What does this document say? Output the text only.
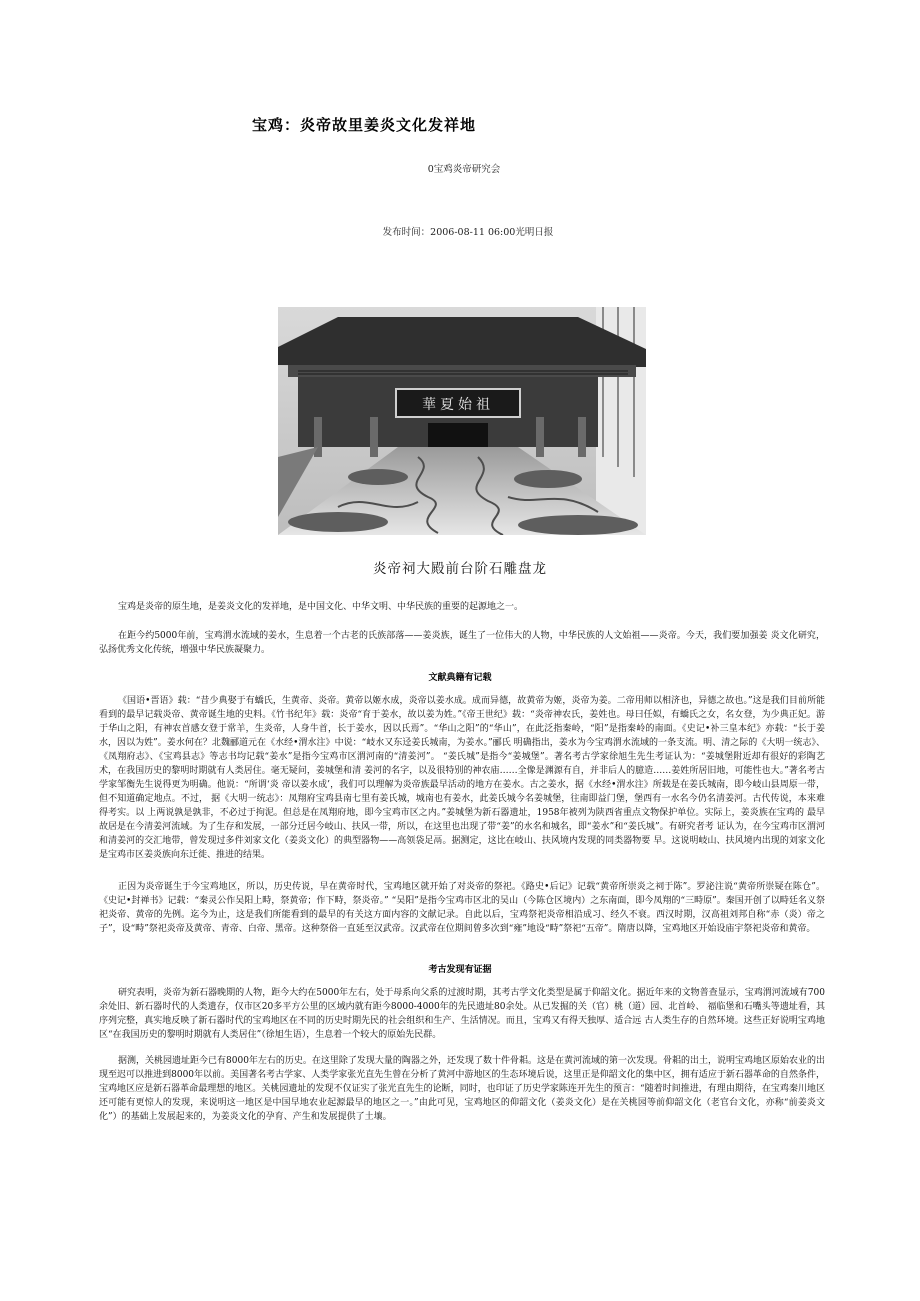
宝鸡：炎帝故里姜炎文化发祥地
0宝鸡炎帝研究会
发布时间：2006-08-11 06:00光明日报
華夏始祖
炎帝祠大殿前台阶石雕盘龙

宝鸡是炎帝的原生地，是姜炎文化的发祥地，是中国文化、中华文明、中华民族的重要的起源地之一。

在距今约5000年前，宝鸡渭水流域的姜水，生息着一个古老的氏族部落——姜炎族，诞生了一位伟大的人物，中华民族的人文始祖——炎帝。今天，我们要加强姜 炎文化研究，弘扬优秀文化传统，增强中华民族凝聚力。

文献典籍有记载

《国语•晋语》载：“昔少典娶于有蟜氏，生黄帝、炎帝。黄帝以姬水成，炎帝以姜水成。成而异德，故黄帝为姬，炎帝为姜。二帝用师以相济也，异德之故也。”这是我们目前所能看到的最早记载炎帝、黄帝诞生地的史料。《竹书纪年》载：炎帝“育于姜水，故以姜为姓。”《帝王世纪》载：“炎帝神农氏，姜姓也。母曰任姒，有蟜氏之女，名女登，为少典正妃。游于华山之阳，有神农首感女登于常羊，生炎帝，人身牛首，长于姜水，因以氏焉”。“华山之阳”的“华山”，在此泛指秦岭，“阳”是指秦岭的南面。《史记•补三皇本纪》亦载：“长于姜水，因以为姓”。姜水何在？北魏郦道元在《水经•渭水注》中说：“岐水又东迳姜氏城南，为姜水。”郦氏 明确指出，姜水为今宝鸡渭水流域的一条支流。明、清之际的《大明一统志》、《凤翔府志》、《宝鸡县志》等志书均记载“姜水”是指今宝鸡市区渭河南的“清姜河”。 “姜氏城”是指今“姜城堡”。著名考古学家徐旭生先生考证认为：“姜城堡附近却有很好的彩陶艺术，在我国历史的黎明时期就有人类居住。毫无疑问，姜城堡和清 姜河的名字，以及很特别的神农庙……全像是渊源有自，并非后人的臆造……姜姓所居旧地，可能性也大。”著名考古学家邹衡先生说得更为明确。他说：“所谓‘炎 帝以姜水成’，我们可以理解为炎帝族最早活动的地方在姜水。古之姜水，据《水经•渭水注》所载是在姜氏城南，即今岐山县周原一带，但不知道确定地点。不过， 据《大明一统志》：凤翔府宝鸡县南七里有姜氏城，城南也有姜水，此姜氏城今名姜城堡，往南即益门堡，堡西有一水名今仍名清姜河。古代传说，本来难得考实。以 上两说孰是孰非，不必过于拘泥。但总是在凤翔府地，即今宝鸡市区之内。”姜城堡为新石器遗址，1958年被列为陕西省重点文物保护单位。实际上，姜炎族在宝鸡的 最早故居是在今清姜河流域。为了生存和发展，一部分迁居今岐山、扶风一带，所以，在这里也出现了带“姜”的水名和城名，即“姜水”和“姜氏城”。有研究者考 证认为，在今宝鸡市区渭河和清姜河的交汇地带，曾发现过多件刘家文化（姜炎文化）的典型器物——高领袋足鬲。据测定，这比在岐山、扶风境内发现的同类器物要 早。这说明岐山、扶风境内出现的刘家文化是宝鸡市区姜炎族向东迁徙、推进的结果。

正因为炎帝诞生于今宝鸡地区，所以，历史传说，早在黄帝时代，宝鸡地区就开始了对炎帝的祭祀。《路史•后记》记载“黄帝所崇炎之祠于陈”。罗泌注说“黄帝所崇疑在陈仓”。《史记•封禅书》记载：“秦灵公作吴阳上畤，祭黄帝；作下畤，祭炎帝。” “吴阳”是指今宝鸡市区北的吴山（今陈仓区境内）之东南面，即今凤翔的“三畤原”。秦国开创了以畤廷名义祭祀炎帝、黄帝的先例。迄今为止，这是我们所能看到的最早的有关这方面内容的文献记录。自此以后，宝鸡祭祀炎帝相沿成习、经久不衰。西汉时期，汉高祖刘邦自称“赤（炎）帝之子”，设“畤”祭祀炎帝及黄帝、青帝、白帝、黑帝。这种祭俗一直延至汉武帝。汉武帝在位期间曾多次到“雍”地设“畤”祭祀“五帝”。隋唐以降，宝鸡地区开始设庙宇祭祀炎帝和黄帝。

考古发现有证据

研究表明，炎帝为新石器晚期的人物，距今大约在5000年左右，处于母系向父系的过渡时期，其考古学文化类型是属于仰韶文化。据近年来的文物普查显示，宝鸡渭河流域有700余处旧、新石器时代的人类遗存，仅市区20多平方公里的区域内就有距今8000-4000年的先民遗址80余处。从已发掘的关（官）桃（道）园、北首岭、 福临堡和石嘴头等遗址看，其序列完整，真实地反映了新石器时代的宝鸡地区在不同的历史时期先民的社会组织和生产、生活情况。而且，宝鸡又有得天独厚、适合远 古人类生存的自然环境。这些正好说明宝鸡地区“在我国历史的黎明时期就有人类居住”（徐旭生语），生息着一个较大的原始先民群。

据测，关桃园遗址距今已有8000年左右的历史。在这里除了发现大量的陶器之外，还发现了数十件骨耜。这是在黄河流域的第一次发现。骨耜的出土，说明宝鸡地区原始农业的出现至迟可以推进到8000年以前。美国著名考古学家、人类学家张光直先生曾在分析了黄河中游地区的生态环境后说，这里正是仰韶文化的集中区，拥有适应于新石器革命的自然条件，宝鸡地区应是新石器革命最理想的地区。关桃园遗址的发现不仅证实了张光直先生的论断，同时，也印证了历史学家陈连开先生的预言：“随着时间推进，有理由期待，在宝鸡秦川地区还可能有更惊人的发现，来说明这一地区是中国早地农业起源最早的地区之一。”由此可见，宝鸡地区的仰韶文化（姜炎文化）是在关桃园等前仰韶文化（老官台文化，亦称“前姜炎文化”）的基础上发展起来的，为姜炎文化的孕育、产生和发展提供了土壤。
